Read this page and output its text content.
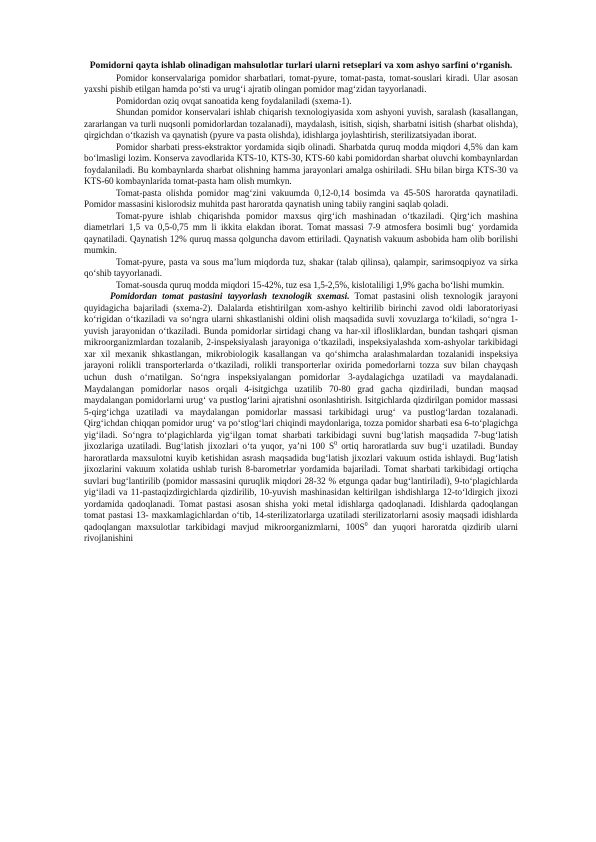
Pomidorni qayta ishlab olinadigan mahsulotlar turlari ularni retseplari va xom ashyo sarfini o‘rganish.

Pomidor konservalariga pomidor sharbatlari, tomat-pyure, tomat-pasta, tomat-souslari kiradi. Ular asosan yaxshi pishib etilgan hamda po‘sti va urug‘i ajratib olingan pomidor mag‘zidan tayyorlanadi.

Pomidordan oziq ovqat sanoatida keng foydalaniladi (sxema-1).

Shundan pomidor konservalari ishlab chiqarish texnologiyasida xom ashyoni yuvish, saralash (kasallangan, zararlangan va turli nuqsonli pomidorlardan tozalanadi), maydalash, isitish, siqish, sharbatni isitish (sharbat olishda), qirgichdan o‘tkazish va qaynatish (pyure va pasta olishda), idishlarga joylashtirish, sterilizatsiyadan iborat.

Pomidor sharbati press-ekstraktor yordamida siqib olinadi. Sharbatda quruq modda miqdori 4,5% dan kam bo‘lmasligi lozim. Konserva zavodlarida KTS-10, KTS-30, KTS-60 kabi pomidordan sharbat oluvchi kombaynlardan foydalaniladi. Bu kombaynlarda sharbat olishning hamma jarayonlari amalga oshiriladi. SHu bilan birga KTS-30 va KTS-60 kombaynlarida tomat-pasta ham olish mumkyn.

Tomat-pasta olishda pomidor mag‘zini vakuumda 0,12-0,14 bosimda va 45-50S haroratda qaynatiladi. Pomidor massasini kislorodsiz muhitda past haroratda qaynatish uning tabiiy rangini saqlab qoladi.

Tomat-pyure ishlab chiqarishda pomidor maxsus qirg‘ich mashinadan o‘tkaziladi. Qirg‘ich mashina diametrlari 1,5 va 0,5-0,75 mm li ikkita elakdan iborat. Tomat massasi 7-9 atmosfera bosimli bug‘ yordamida qaynatiladi. Qaynatish 12% quruq massa qolguncha davom ettiriladi. Qaynatish vakuum asbobida ham olib borilishi mumkin.

Tomat-pyure, pasta va sous ma’lum miqdorda tuz, shakar (talab qilinsa), qalampir, sarimsoqpiyoz va sirka qo‘shib tayyorlanadi.

Tomat-sousda quruq modda miqdori 15-42%, tuz esa 1,5-2,5%, kislotaliligi 1,9% gacha bo‘lishi mumkin.

Pomidordan tomat pastasini tayyorlash texnologik sxemasi. Tomat pastasini olish texnologik jarayoni quyidagicha bajariladi (sxema-2). Dalalarda etishtirilgan xom-ashyo keltirilib birinchi zavod oldi laboratoriyasi ko‘rigidan o‘tkaziladi va so‘ngra ularni shkastlanishi oldini olish maqsadida suvli xovuzlarga to‘kiladi, so‘ngra 1-yuvish jarayonidan o‘tkaziladi. Bunda pomidorlar sirtidagi chang va har-xil iflosliklardan, bundan tashqari qisman mikroorganizmlardan tozalanib, 2-inspeksiyalash jarayoniga o‘tkaziladi, inspeksiyalashda xom-ashyolar tarkibidagi xar xil mexanik shkastlangan, mikrobiologik kasallangan va qo‘shimcha aralashmalardan tozalanidi inspeksiya jarayoni rolikli transporterlarda o‘tkaziladi, rolikli transporterlar oxirida pomedorlarni tozza suv bilan chayqash uchun dush o‘rnatilgan. So‘ngra inspeksiyalangan pomidorlar 3-aydalagichga uzatiladi va maydalanadi. Maydalangan pomidorlar nasos orqali 4-isitgichga uzatilib 70-80 grad gacha qizdiriladi, bundan maqsad maydalangan pomidorlarni urug‘ va pustlog‘larini ajratishni osonlashtirish. Isitgichlarda qizdirilgan pomidor massasi 5-qirg‘ichga uzatiladi va maydalangan pomidorlar massasi tarkibidagi urug‘ va pustlog‘lardan tozalanadi. Qirg‘ichdan chiqqan pomidor urug‘ va po‘stlog‘lari chiqindi maydonlariga, tozza pomidor sharbati esa 6-to‘plagichga yig‘iladi. So‘ngra to‘plagichlarda yig‘ilgan tomat sharbati tarkibidagi suvni bug‘latish maqsadida 7-bug‘latish jixozlariga uzatiladi. Bug‘latish jixozlari o‘ta yuqor, ya’ni 100 $S^0$ ortiq haroratlarda suv bug‘i uzatiladi. Bunday haroratlarda maxsulotni kuyib ketishidan asrash maqsadida bug‘latish jixozlari vakuum ostida ishlaydi. Bug‘latish jixozlarini vakuum xolatida ushlab turish 8-barometrlar yordamida bajariladi. Tomat sharbati tarkibidagi ortiqcha suvlari bug‘lantirilib (pomidor massasini quruqlik miqdori 28-32 % etgunga qadar bug‘lantiriladi), 9-to‘plagichlarda yig‘iladi va 11-pastaqizdirgichlarda qizdirilib, 10-yuvish mashinasidan keltirilgan ishdishlarga 12-to‘ldirgich jixozi yordamida qadoqlanadi. Tomat pastasi asosan shisha yoki metal idishlarga qadoqlanadi. Idishlarda qadoqlangan tomat pastasi 13- maxkamlagichlardan o‘tib, 14-sterilizatorlarga uzatiladi sterilizatorlarni asosiy maqsadi idishlarda qadoqlangan maxsulotlar tarkibidagi mavjud mikroorganizmlarni, $100S^0$ dan yuqori haroratda qizdirib ularni rivojlanishini
